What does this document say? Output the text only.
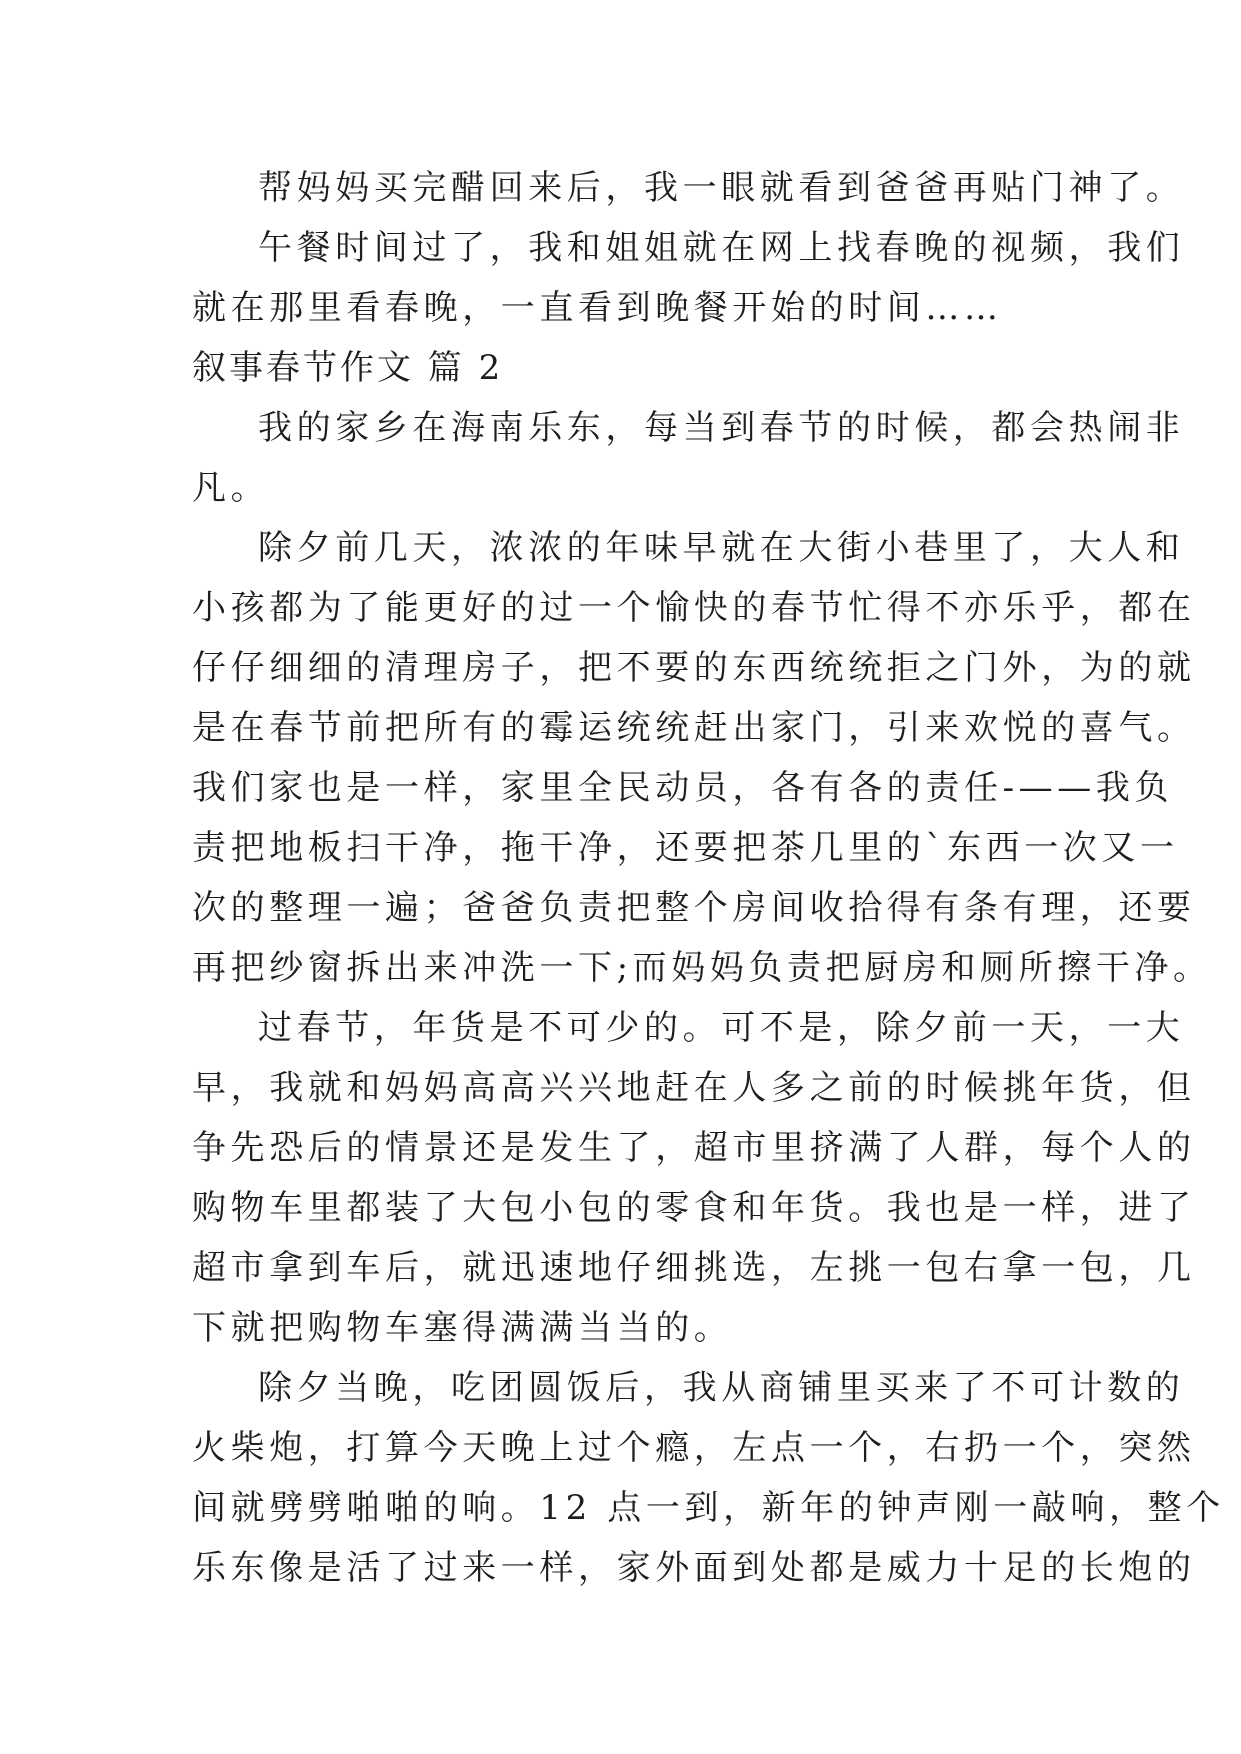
帮妈妈买完醋回来后，我一眼就看到爸爸再贴门神了。
午餐时间过了，我和姐姐就在网上找春晚的视频，我们
就在那里看春晚，一直看到晚餐开始的时间……
叙事春节作文 篇 2
我的家乡在海南乐东，每当到春节的时候，都会热闹非
凡。
除夕前几天，浓浓的年味早就在大街小巷里了，大人和
小孩都为了能更好的过一个愉快的春节忙得不亦乐乎，都在
仔仔细细的清理房子，把不要的东西统统拒之门外，为的就
是在春节前把所有的霉运统统赶出家门，引来欢悦的喜气。
我们家也是一样，家里全民动员，各有各的责任-——我负
责把地板扫干净，拖干净，还要把茶几里的`东西一次又一
次的整理一遍；爸爸负责把整个房间收拾得有条有理，还要
再把纱窗拆出来冲洗一下;而妈妈负责把厨房和厕所擦干净。
过春节，年货是不可少的。可不是，除夕前一天，一大
早，我就和妈妈高高兴兴地赶在人多之前的时候挑年货，但
争先恐后的情景还是发生了，超市里挤满了人群，每个人的
购物车里都装了大包小包的零食和年货。我也是一样，进了
超市拿到车后，就迅速地仔细挑选，左挑一包右拿一包，几
下就把购物车塞得满满当当的。
除夕当晚，吃团圆饭后，我从商铺里买来了不可计数的
火柴炮，打算今天晚上过个瘾，左点一个，右扔一个，突然
间就劈劈啪啪的响。12 点一到，新年的钟声刚一敲响，整个
乐东像是活了过来一样，家外面到处都是威力十足的长炮的
